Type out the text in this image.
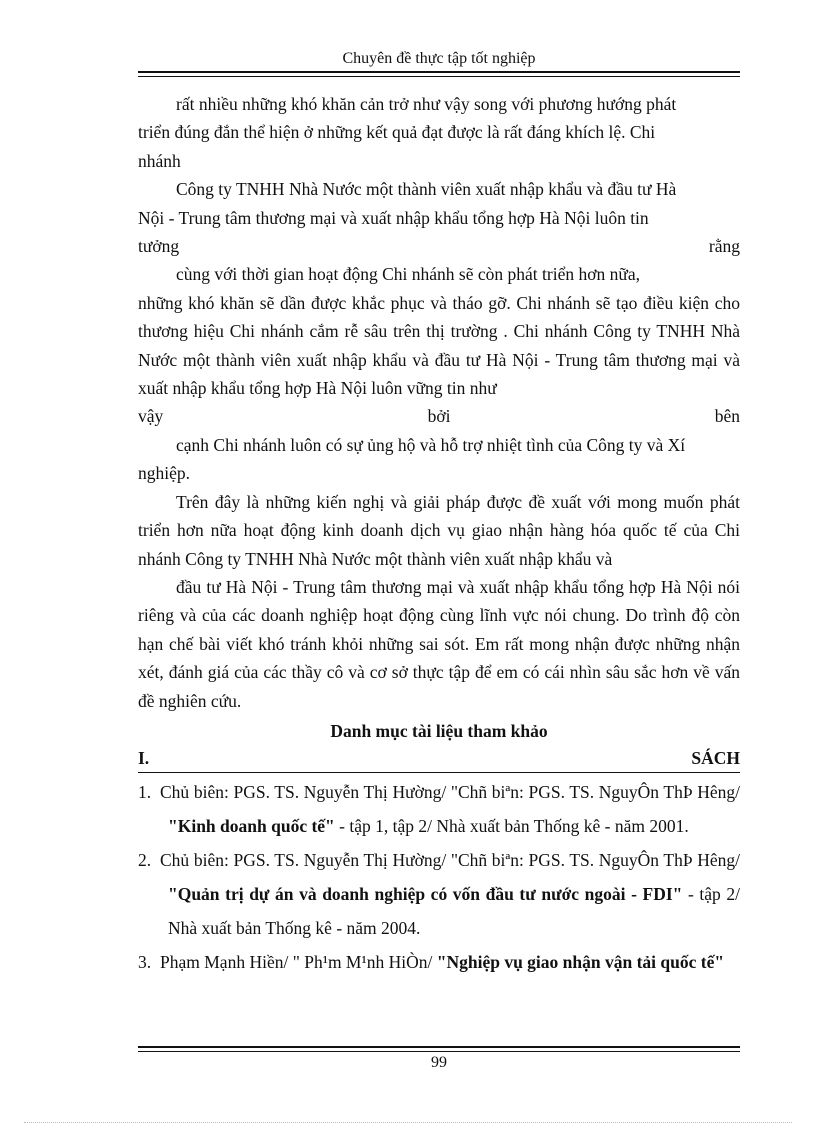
Chuyên đề thực tập tốt nghiệp

rất nhiều những khó khăn cản trở như vậy song với phương hướng phát

triển đúng đắn thể hiện ở những kết quả đạt được là rất đáng khích lệ. Chi

nhánh

Công ty TNHH Nhà Nước một thành viên xuất nhập khẩu và đầu tư Hà

Nội - Trung tâm thương mại và xuất nhập khẩu tổng hợp Hà Nội luôn tin

tưởng	rằng

cùng với thời gian hoạt động Chi nhánh sẽ còn phát triển hơn nữa,

những khó khăn sẽ dần được khắc phục và tháo gỡ. Chi nhánh sẽ tạo điều kiện cho thương hiệu Chi nhánh cắm rễ sâu trên thị trường . Chi nhánh Công ty TNHH Nhà Nước một thành viên xuất nhập khẩu và đầu tư Hà Nội - Trung tâm thương mại và xuất nhập khẩu tổng hợp Hà Nội luôn vững tin như

vậy	bởi	bên

cạnh Chi nhánh luôn có sự ủng hộ và hỗ trợ nhiệt tình của Công ty và Xí

nghiệp.

Trên đây là những kiến nghị và giải pháp được đề xuất với mong muốn phát triển hơn nữa hoạt động kinh doanh dịch vụ giao nhận hàng hóa quốc tế của Chi nhánh Công ty TNHH Nhà Nước một thành viên xuất nhập khẩu và

đầu tư Hà Nội - Trung tâm thương mại và xuất nhập khẩu tổng hợp Hà Nội nói riêng và của các doanh nghiệp hoạt động cùng lĩnh vực nói chung. Do trình độ còn hạn chế bài viết khó tránh khỏi những sai sót. Em rất mong nhận được những nhận xét, đánh giá của các thầy cô và cơ sở thực tập để em có cái nhìn sâu sắc hơn về vấn đề nghiên cứu.

Danh mục tài liệu tham khảo

I.	SÁCH

1. Chủ biên: PGS. TS. Nguyễn Thị Hường/ "Chñ biªn: PGS. TS. NguyÔn ThÞ Hêng/ "Kinh doanh quốc tế" - tập 1, tập 2/ Nhà xuất bản Thống kê - năm 2001.

2. Chủ biên: PGS. TS. Nguyễn Thị Hường/ "Chñ biªn: PGS. TS. NguyÔn ThÞ Hêng/ "Quản trị dự án và doanh nghiệp có vốn đầu tư nước ngoài - FDI" - tập 2/ Nhà xuất bản Thống kê - năm 2004.

3. Phạm Mạnh Hiền/ " Ph¹m M¹nh HiÒn/ "Nghiệp vụ giao nhận vận tải quốc tế"

99
